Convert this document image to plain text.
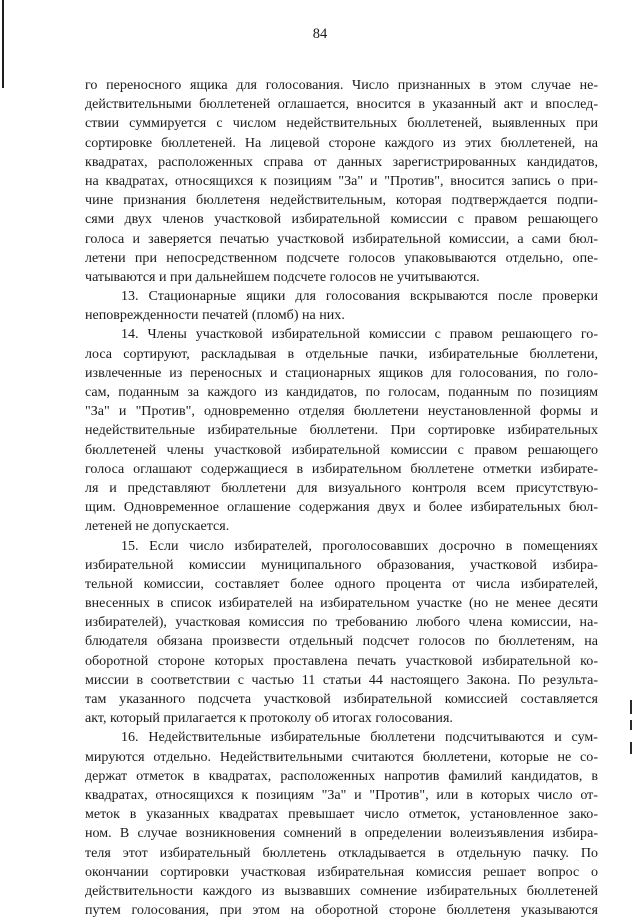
84
го переносного ящика для голосования. Число признанных в этом случае не-
действительными бюллетеней оглашается, вносится в указанный акт и впослед-
ствии суммируется с числом недействительных бюллетеней, выявленных при
сортировке бюллетеней. На лицевой стороне каждого из этих бюллетеней, на
квадратах, расположенных справа от данных зарегистрированных кандидатов,
на квадратах, относящихся к позициям "За" и "Против", вносится запись о при-
чине признания бюллетеня недействительным, которая подтверждается подпи-
сями двух членов участковой избирательной комиссии с правом решающего
голоса и заверяется печатью участковой избирательной комиссии, а сами бюл-
летени при непосредственном подсчете голосов упаковываются отдельно, опе-
чатываются и при дальнейшем подсчете голосов не учитываются.
13. Стационарные ящики для голосования вскрываются после проверки
неповрежденности печатей (пломб) на них.
14. Члены участковой избирательной комиссии с правом решающего го-
лоса сортируют, раскладывая в отдельные пачки, избирательные бюллетени,
извлеченные из переносных и стационарных ящиков для голосования, по голо-
сам, поданным за каждого из кандидатов, по голосам, поданным по позициям
"За" и "Против", одновременно отделяя бюллетени неустановленной формы и
недействительные избирательные бюллетени. При сортировке избирательных
бюллетеней члены участковой избирательной комиссии с правом решающего
голоса оглашают содержащиеся в избирательном бюллетене отметки избирате-
ля и представляют бюллетени для визуального контроля всем присутствую-
щим. Одновременное оглашение содержания двух и более избирательных бюл-
летеней не допускается.
15. Если число избирателей, проголосовавших досрочно в помещениях
избирательной комиссии муниципального образования, участковой избира-
тельной комиссии, составляет более одного процента от числа избирателей,
внесенных в список избирателей на избирательном участке (но не менее десяти
избирателей), участковая комиссия по требованию любого члена комиссии, на-
блюдателя обязана произвести отдельный подсчет голосов по бюллетеням, на
оборотной стороне которых проставлена печать участковой избирательной ко-
миссии в соответствии с частью 11 статьи 44 настоящего Закона. По результа-
там указанного подсчета участковой избирательной комиссией составляется
акт, который прилагается к протоколу об итогах голосования.
16. Недействительные избирательные бюллетени подсчитываются и сум-
мируются отдельно. Недействительными считаются бюллетени, которые не со-
держат отметок в квадратах, расположенных напротив фамилий кандидатов, в
квадратах, относящихся к позициям "За" и "Против", или в которых число от-
меток в указанных квадратах превышает число отметок, установленное зако-
ном. В случае возникновения сомнений в определении волеизъявления избира-
теля этот избирательный бюллетень откладывается в отдельную пачку. По
окончании сортировки участковая избирательная комиссия решает вопрос о
действительности каждого из вызвавших сомнение избирательных бюллетеней
путем голосования, при этом на оборотной стороне бюллетеня указываются
